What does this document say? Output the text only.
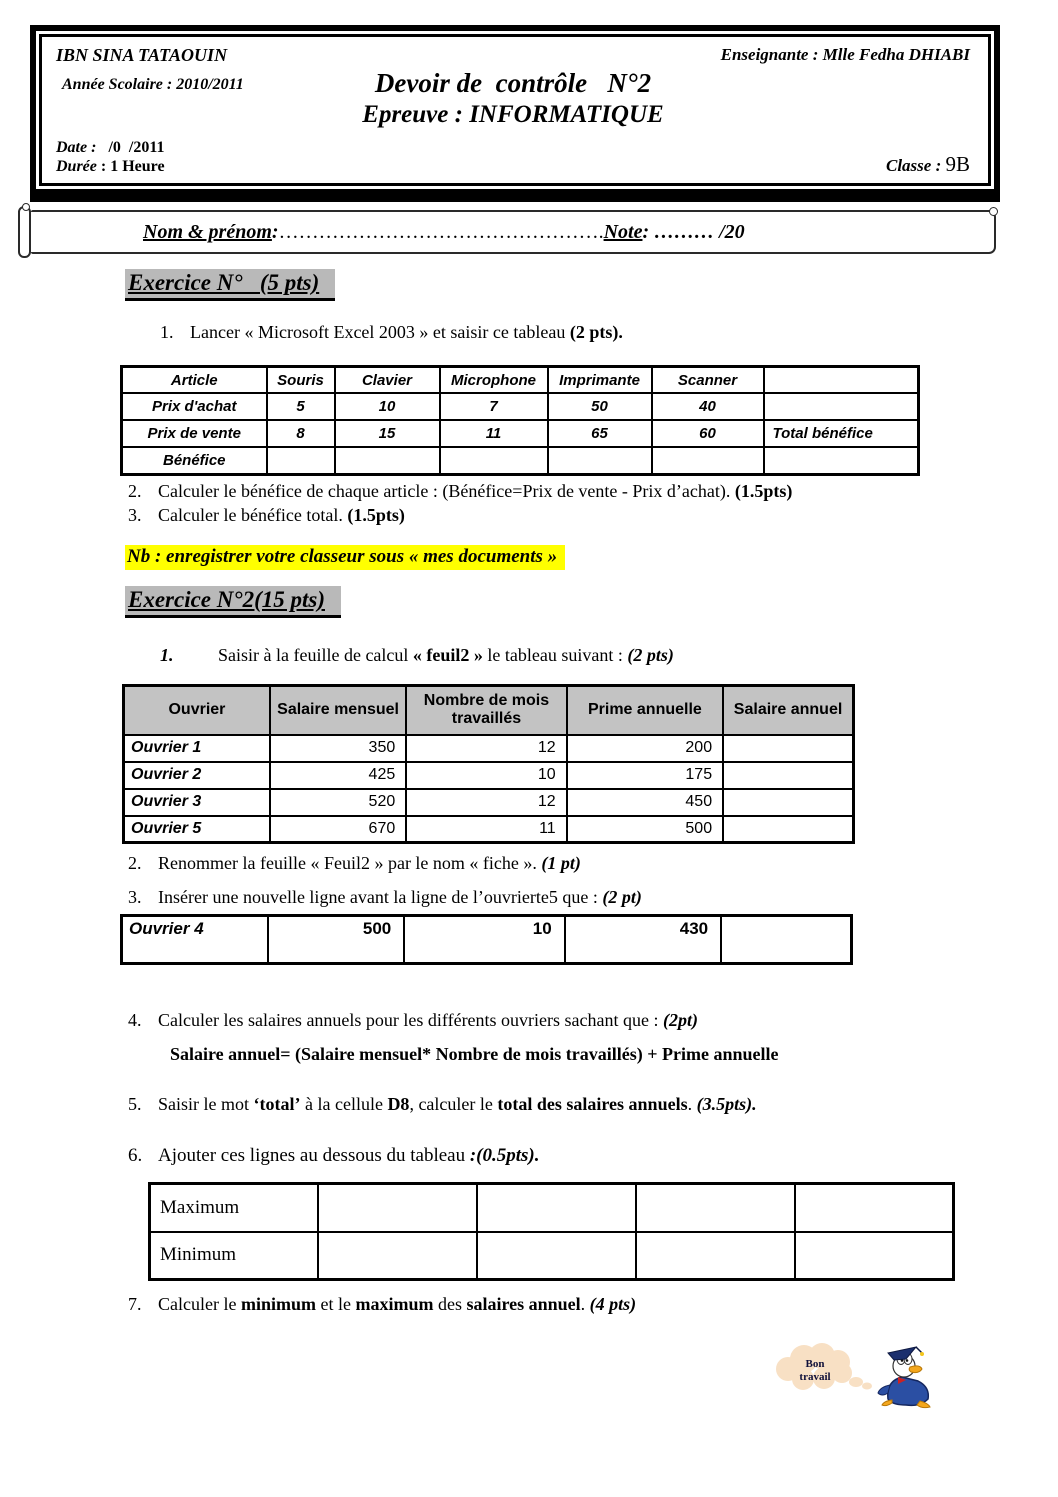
IBN SINA TATAOUIN	Enseignante : Mlle Fedha DHIABI
Année Scolaire : 2010/2011	Devoir de  contrôle   N°2
Epreuve : INFORMATIQUE
Date :   /0  /2011
Durée : 1 Heure	Classe : 9B
Nom & prénom : ………………………………………… . Note : ……… /20
Exercice N°   (5 pts)
1. Lancer « Microsoft Excel 2003 » et saisir ce tableau (2 pts).
Article	Souris	Clavier	Microphone	Imprimante	Scanner	
Prix d'achat	5	10	7	50	40	
Prix de vente	8	15	11	65	60	Total bénéfice
Bénéfice						
2. Calculer le bénéfice de chaque article : (Bénéfice=Prix de vente - Prix d’achat). (1.5pts)
3. Calculer le bénéfice total. (1.5pts)
Nb : enregistrer votre classeur sous « mes documents »
Exercice N°2(15 pts)
1. Saisir à la feuille de calcul « feuil2 » le tableau suivant : (2 pts)
Ouvrier	Salaire mensuel	Nombre de mois travaillés	Prime annuelle	Salaire annuel
Ouvrier 1	350	12	200	
Ouvrier 2	425	10	175	
Ouvrier 3	520	12	450	
Ouvrier 5	670	11	500	
2. Renommer la feuille « Feuil2 » par le nom « fiche ». (1 pt)
3. Insérer une nouvelle ligne avant la ligne de l’ouvrierte5 que : (2 pt)
Ouvrier 4	500	10	430	
4. Calculer les salaires annuels pour les différents ouvriers sachant que : (2pt)
Salaire annuel= (Salaire mensuel* Nombre de mois travaillés) + Prime annuelle
5. Saisir le mot ‘total’ à la cellule D8, calculer le total des salaires annuels. (3.5pts).
6. Ajouter ces lignes au dessous du tableau :(0.5pts).
Maximum				
Minimum				
7. Calculer le minimum et le maximum des salaires annuel. (4 pts)
Bon
travail
